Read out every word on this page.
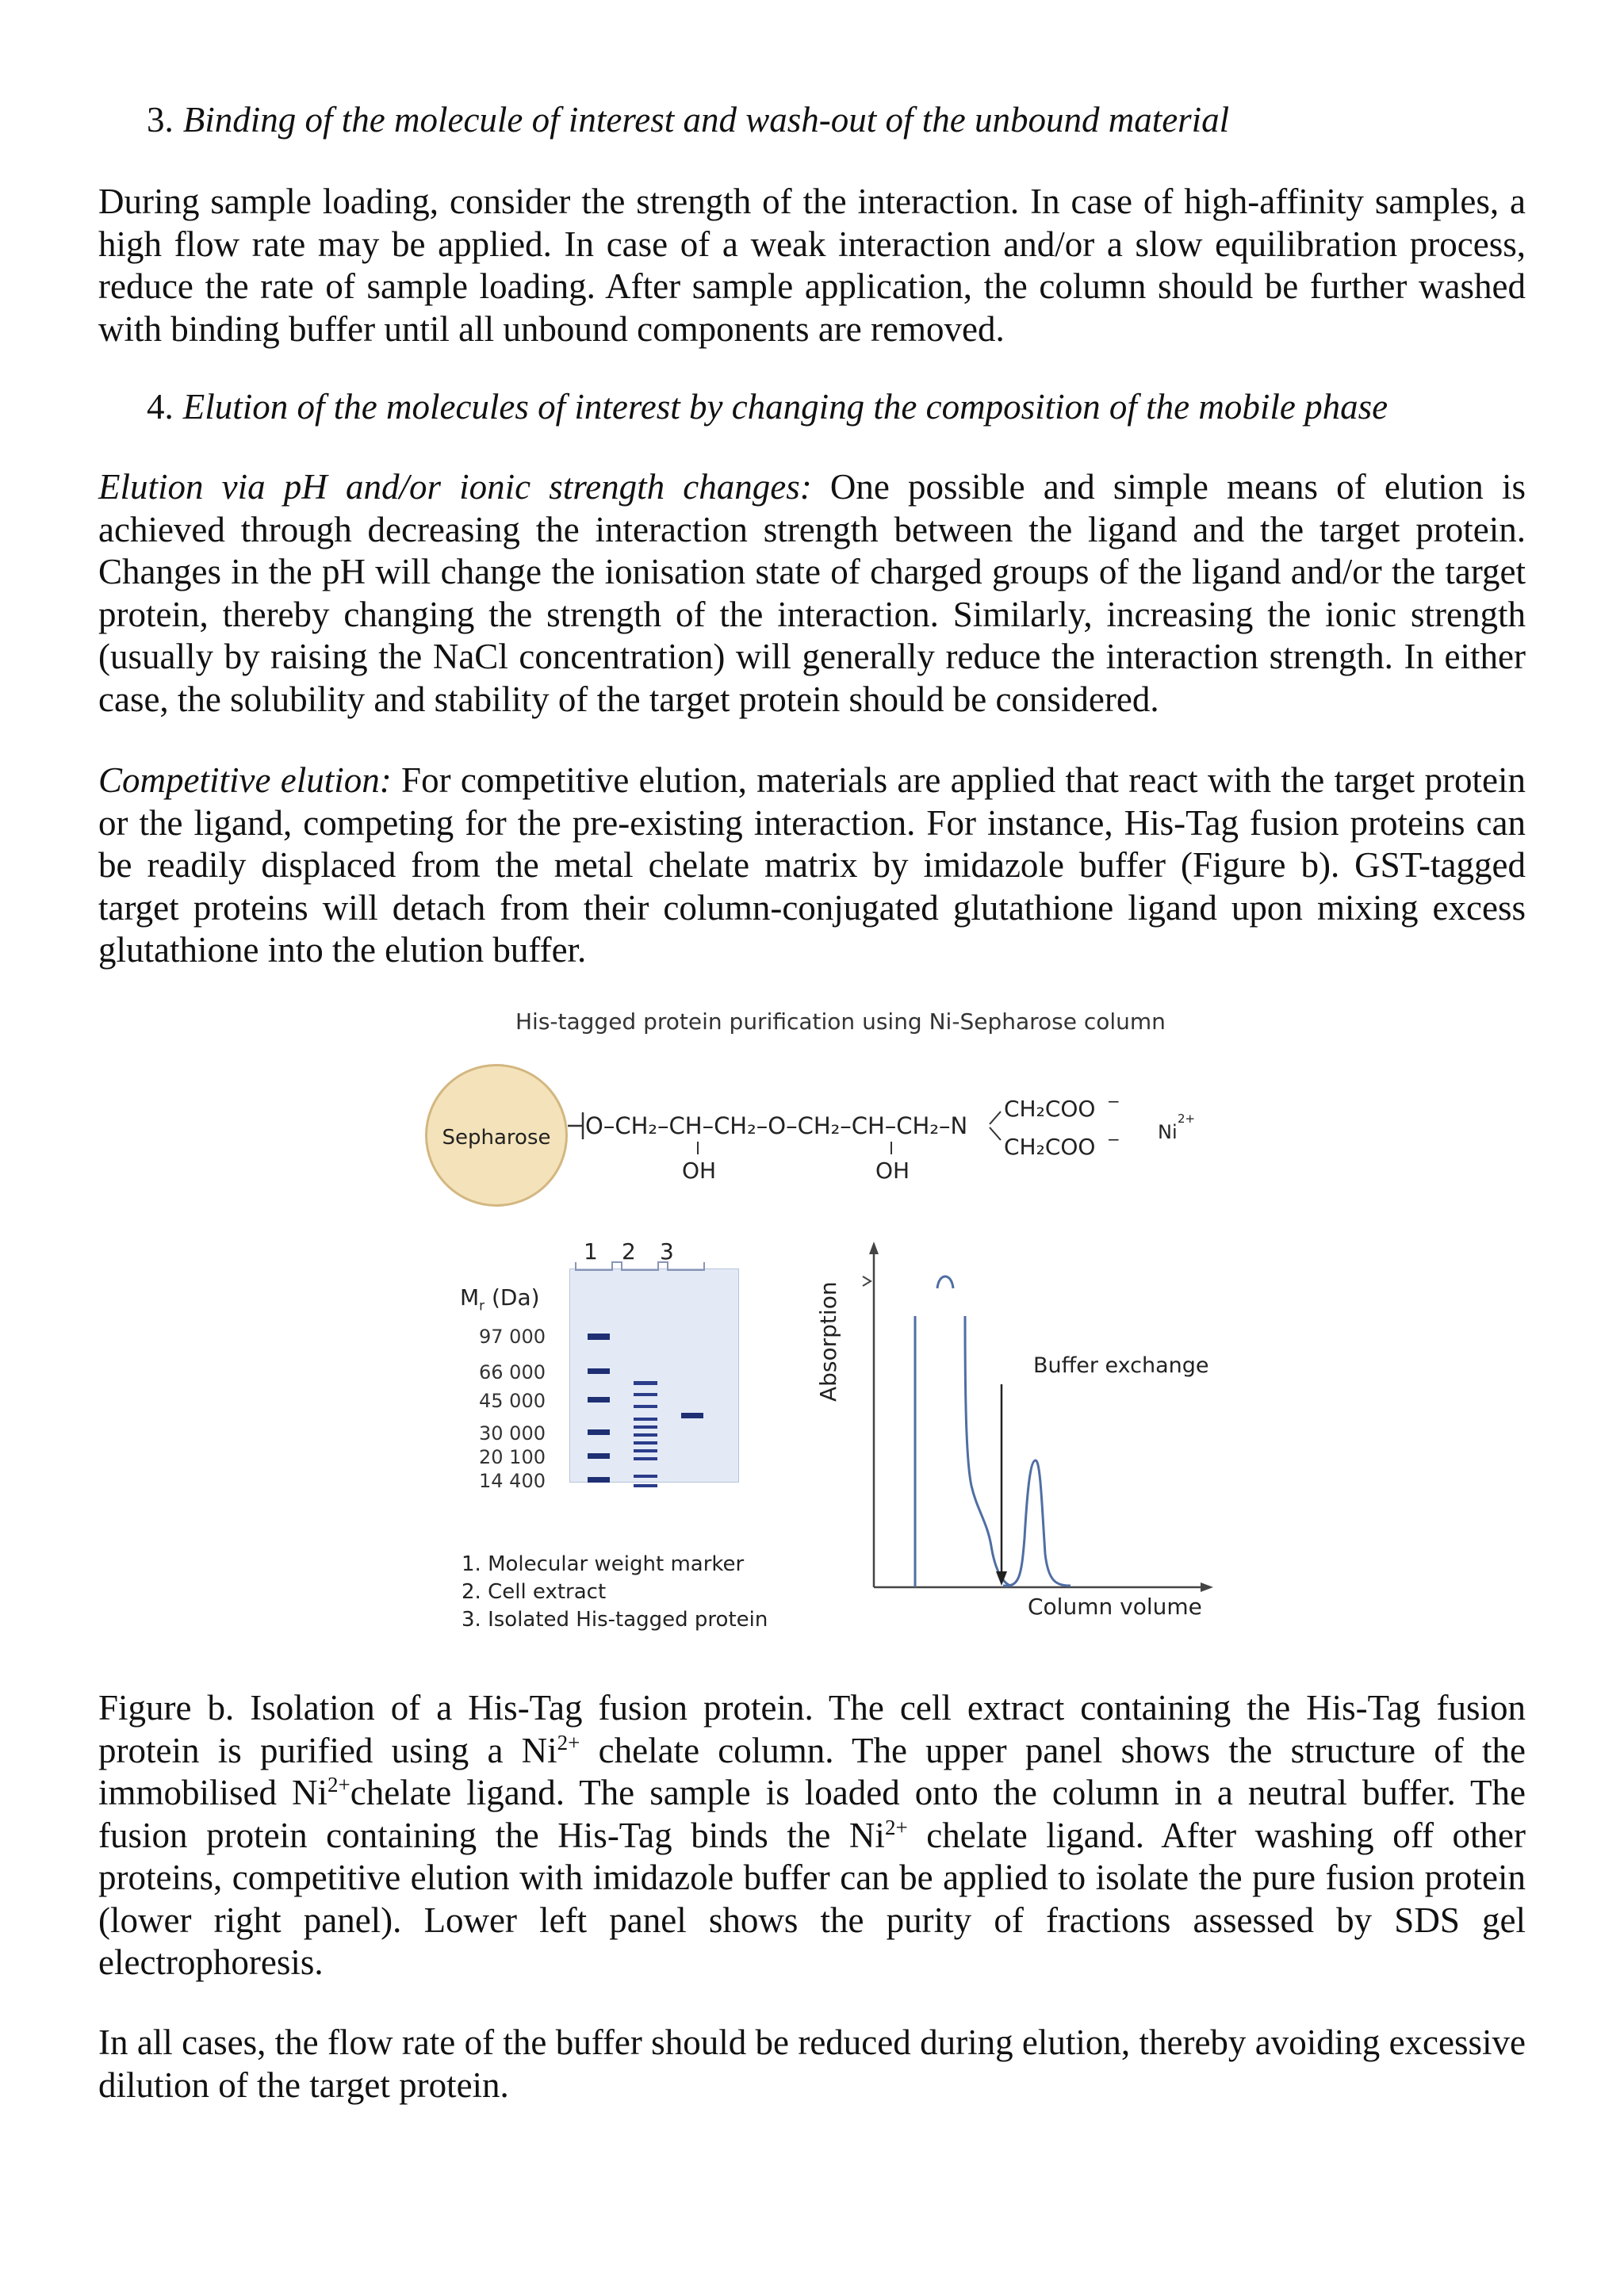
3. Binding of the molecule of interest and wash-out of the unbound material

During sample loading, consider the strength of the interaction. In case of high-affinity samples, a high flow rate may be applied. In case of a weak interaction and/or a slow equilibration process, reduce the rate of sample loading. After sample application, the column should be further washed with binding buffer until all unbound components are removed.

4. Elution of the molecules of interest by changing the composition of the mobile phase

Elution via pH and/or ionic strength changes: One possible and simple means of elution is achieved through decreasing the interaction strength between the ligand and the target protein. Changes in the pH will change the ionisation state of charged groups of the ligand and/or the target protein, thereby changing the strength of the interaction. Similarly, increasing the ionic strength (usually by raising the NaCl concentration) will generally reduce the interaction strength. In either case, the solubility and stability of the target protein should be considered.

Competitive elution: For competitive elution, materials are applied that react with the target protein or the ligand, competing for the pre-existing interaction. For instance, His-Tag fusion proteins can be readily displaced from the metal chelate matrix by imidazole buffer (Figure b). GST-tagged target proteins will detach from their column-conjugated glutathione ligand upon mixing excess glutathione into the elution buffer.

His-tagged protein purification using Ni-Sepharose column
Sepharose	O–CH₂–CH–CH₂–O–CH₂–CH–CH₂–N
OH	OH
CH₂COO −
CH₂COO − Ni
2+
1 2 3
$M_r$ (Da)
97 000
66 000
45 000
30 000
20 100
14 400
1. Molecular weight marker
2. Cell extract
3. Isolated His-tagged protein
Absorption	Buffer exchange
Column volume

Figure b. Isolation of a His-Tag fusion protein. The cell extract containing the His-Tag fusion protein is purified using a $Ni^{2+}$ chelate column. The upper panel shows the structure of the immobilised $Ni^{2+}chelate$ ligand. The sample is loaded onto the column in a neutral buffer. The fusion protein containing the His-Tag binds the $Ni^{2+}$ chelate ligand. After washing off other proteins, competitive elution with imidazole buffer can be applied to isolate the pure fusion protein (lower right panel). Lower left panel shows the purity of fractions assessed by SDS gel electrophoresis.

In all cases, the flow rate of the buffer should be reduced during elution, thereby avoiding excessive dilution of the target protein.
